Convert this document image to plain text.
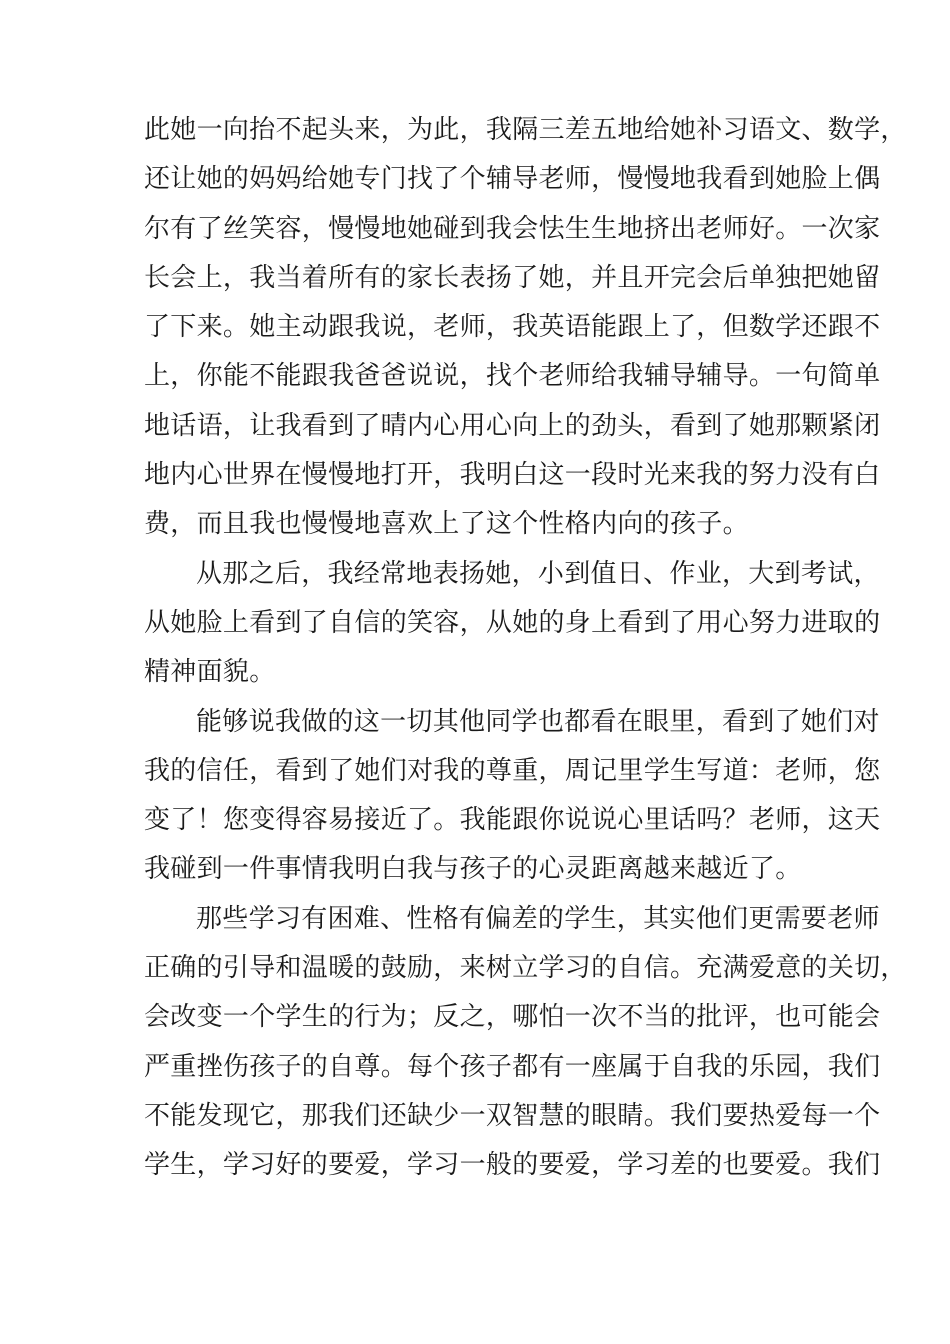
此她一向抬不起头来，为此，我隔三差五地给她补习语文、数学，
还让她的妈妈给她专门找了个辅导老师，慢慢地我看到她脸上偶
尔有了丝笑容，慢慢地她碰到我会怯生生地挤出老师好。一次家
长会上，我当着所有的家长表扬了她，并且开完会后单独把她留
了下来。她主动跟我说，老师，我英语能跟上了，但数学还跟不
上，你能不能跟我爸爸说说，找个老师给我辅导辅导。一句简单
地话语，让我看到了晴内心用心向上的劲头，看到了她那颗紧闭
地内心世界在慢慢地打开，我明白这一段时光来我的努力没有白
费，而且我也慢慢地喜欢上了这个性格内向的孩子。
从那之后，我经常地表扬她，小到值日、作业，大到考试，
从她脸上看到了自信的笑容，从她的身上看到了用心努力进取的
精神面貌。
能够说我做的这一切其他同学也都看在眼里，看到了她们对
我的信任，看到了她们对我的尊重，周记里学生写道：老师，您
变了！您变得容易接近了。我能跟你说说心里话吗？老师，这天
我碰到一件事情我明白我与孩子的心灵距离越来越近了。
那些学习有困难、性格有偏差的学生，其实他们更需要老师
正确的引导和温暖的鼓励，来树立学习的自信。充满爱意的关切，
会改变一个学生的行为；反之，哪怕一次不当的批评，也可能会
严重挫伤孩子的自尊。每个孩子都有一座属于自我的乐园，我们
不能发现它，那我们还缺少一双智慧的眼睛。我们要热爱每一个
学生，学习好的要爱，学习一般的要爱，学习差的也要爱。我们
